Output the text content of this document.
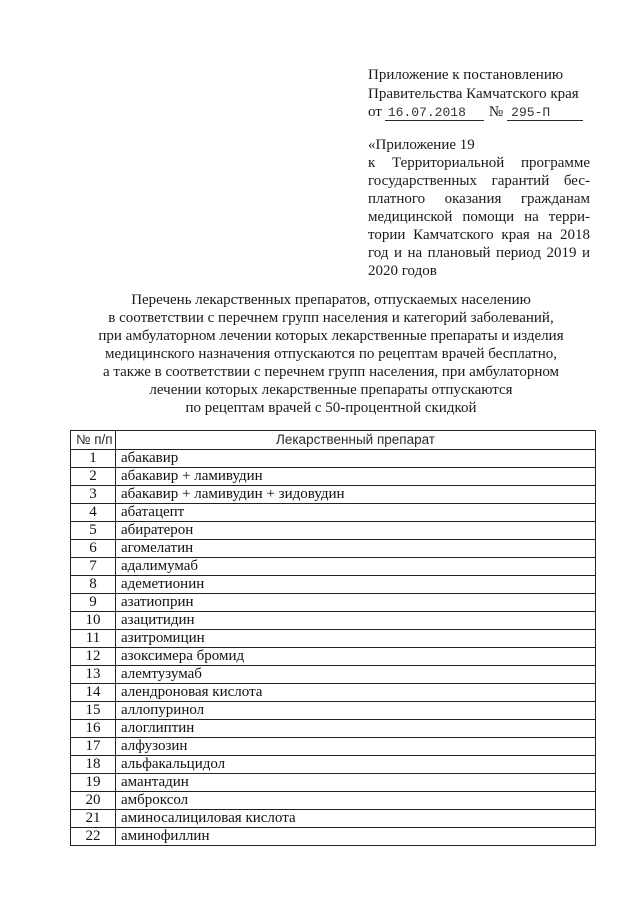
Приложение к постановлению
Правительства Камчатского края
от 16.07.2018 № 295-П
«Приложение 19
к Территориальной программе
государственных гарантий бес-
платного оказания гражданам
медицинской помощи на терри-
тории Камчатского края на 2018
год и на плановый период 2019 и
2020 годов
Перечень лекарственных препаратов, отпускаемых населению
в соответствии с перечнем групп населения и категорий заболеваний,
при амбулаторном лечении которых лекарственные препараты и изделия
медицинского назначения отпускаются по рецептам врачей бесплатно,
а также в соответствии с перечнем групп населения, при амбулаторном
лечении которых лекарственные препараты отпускаются
по рецептам врачей с 50-процентной скидкой
№ п/п	Лекарственный препарат
1	абакавир
2	абакавир + ламивудин
3	абакавир + ламивудин + зидовудин
4	абатацепт
5	абиратерон
6	агомелатин
7	адалимумаб
8	адеметионин
9	азатиоприн
10	азацитидин
11	азитромицин
12	азоксимера бромид
13	алемтузумаб
14	алендроновая кислота
15	аллопуринол
16	алоглиптин
17	алфузозин
18	альфакальцидол
19	амантадин
20	амброксол
21	аминосалициловая кислота
22	аминофиллин
